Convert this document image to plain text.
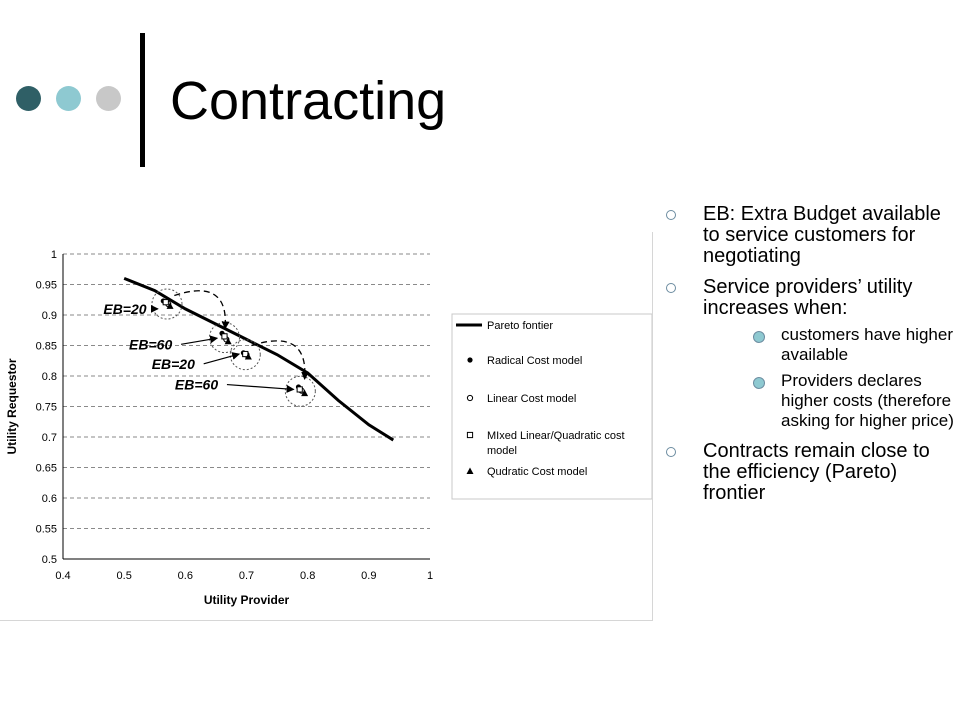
Contracting
0.5
0.55
0.6
0.65
0.7
0.75
0.8
0.85
0.9
0.95
1
0.4	0.5	0.6	0.7	0.8	0.9	1
Utility Provider
Utility Requestor
EB=20
EB=60
EB=20
EB=60
Pareto fontier
Radical Cost model
Linear Cost model
MIxed Linear/Quadratic cost model
Qudratic Cost model
EB: Extra Budget available to service customers for negotiating
Service providers’ utility increases when:
customers have higher available
Providers declares higher costs (therefore asking for higher price)
Contracts remain close to the efficiency (Pareto) frontier
